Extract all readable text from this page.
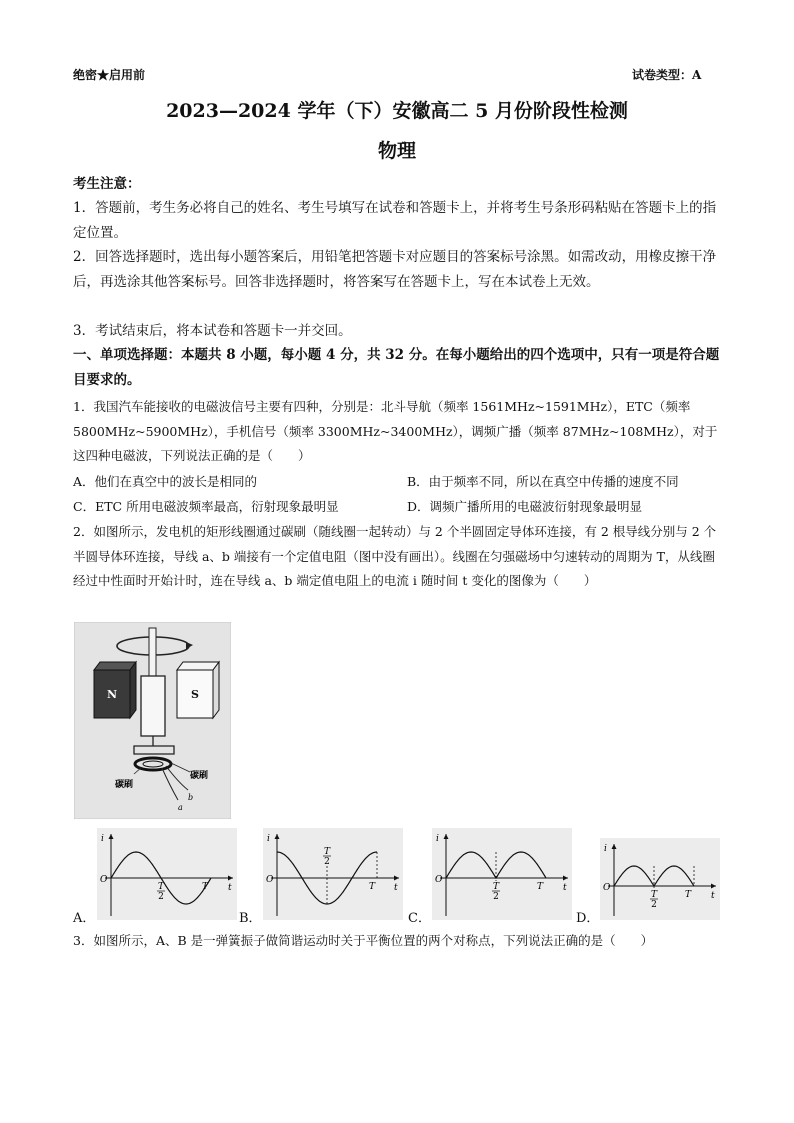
绝密★启用前	试卷类型：A
2023—2024 学年（下）安徽高二 5 月份阶段性检测
物理
考生注意：
1．答题前，考生务必将自己的姓名、考生号填写在试卷和答题卡上，并将考生号条形码粘贴在答题卡上的指定位置。
2．回答选择题时，选出每小题答案后，用铅笔把答题卡对应题目的答案标号涂黑。如需改动，用橡皮擦干净后，再选涂其他答案标号。回答非选择题时，将答案写在答题卡上，写在本试卷上无效。
3．考试结束后，将本试卷和答题卡一并交回。
一、单项选择题：本题共 8 小题，每小题 4 分，共 32 分。在每小题给出的四个选项中，只有一项是符合题目要求的。
1．我国汽车能接收的电磁波信号主要有四种，分别是：北斗导航（频率 1561MHz~1591MHz），ETC（频率 5800MHz~5900MHz），手机信号（频率 3300MHz~3400MHz），调频广播（频率 87MHz~108MHz），对于这四种电磁波，下列说法正确的是（　　）
A．他们在真空中的波长是相同的	B．由于频率不同，所以在真空中传播的速度不同
C．ETC 所用电磁波频率最高，衍射现象最明显	D．调频广播所用的电磁波衍射现象最明显
2．如图所示，发电机的矩形线圈通过碳刷（随线圈一起转动）与 2 个半圆固定导体环连接，有 2 根导线分别与 2 个半圆导体环连接，导线 a、b 端接有一个定值电阻（图中没有画出）。线圈在匀强磁场中匀速转动的周期为 T，从线圈经过中性面时开始计时，连在导线 a、b 端定值电阻上的电流 i 随时间 t 变化的图像为（　　）
N	S
a
b
碳刷
碳刷
i
t
O
T
2
T
i
t
O
T
2
T
i
t
O
T
2
T
i
t
O
T
2
T
A．	B．	C．	D．
3．如图所示，A、B 是一弹簧振子做简谐运动时关于平衡位置的两个对称点，下列说法正确的是（　　）
